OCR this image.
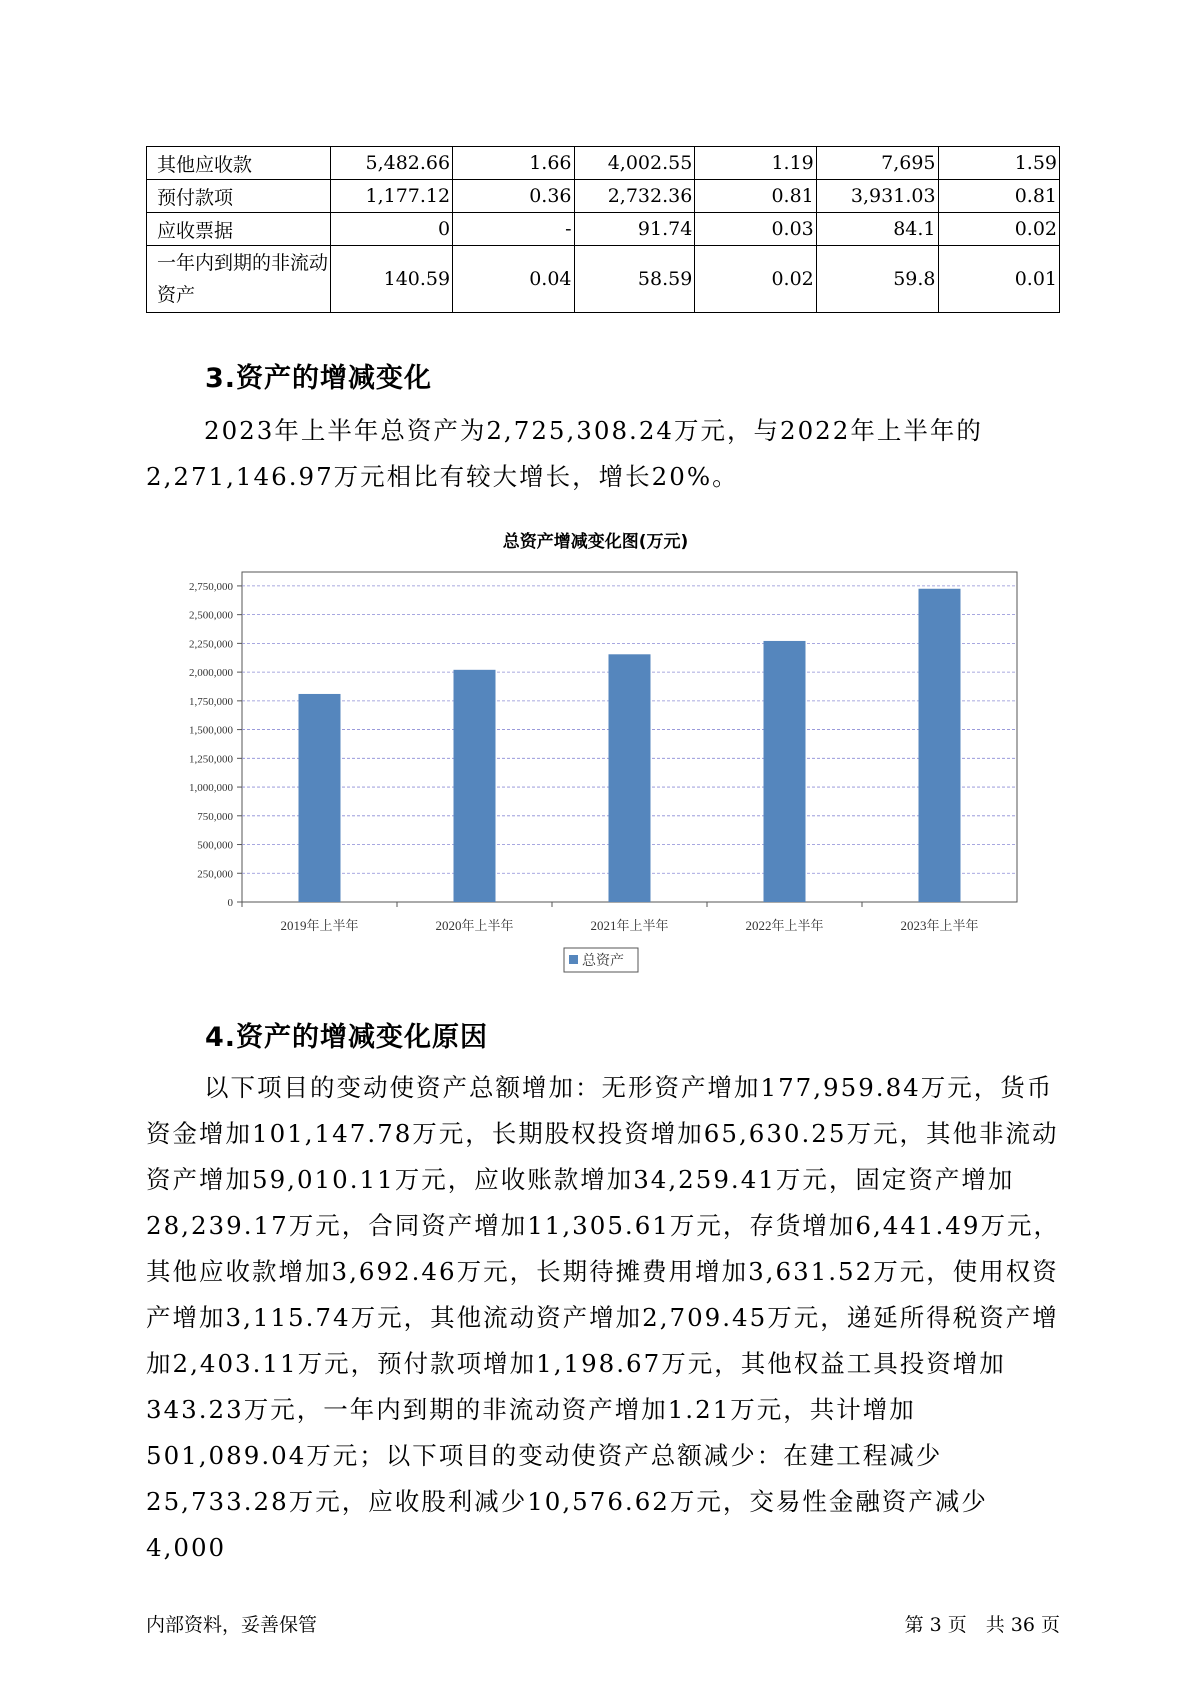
其他应收款	5,482.66	1.66	4,002.55	1.19	7,695	1.59
预付款项	1,177.12	0.36	2,732.36	0.81	3,931.03	0.81
应收票据	0	-	91.74	0.03	84.1	0.02
一年内到期的非流动资产	140.59	0.04	58.59	0.02	59.8	0.01
3.资产的增减变化

2023年上半年总资产为2,725,308.24万元，与2022年上半年的2,271,146.97万元相比有较大增长，增长20%。

总资产增减变化图(万元)
0
250,000
500,000
750,000
1,000,000
1,250,000
1,500,000
1,750,000
2,000,000
2,250,000
2,500,000
2,750,000
2019年上半年	2020年上半年	2021年上半年	2022年上半年	2023年上半年
总资产
4.资产的增减变化原因

以下项目的变动使资产总额增加：无形资产增加177,959.84万元，货币资金增加101,147.78万元，长期股权投资增加65,630.25万元，其他非流动资产增加59,010.11万元，应收账款增加34,259.41万元，固定资产增加28,239.17万元，合同资产增加11,305.61万元，存货增加6,441.49万元，其他应收款增加3,692.46万元，长期待摊费用增加3,631.52万元，使用权资产增加3,115.74万元，其他流动资产增加2,709.45万元，递延所得税资产增加2,403.11万元，预付款项增加1,198.67万元，其他权益工具投资增加343.23万元，一年内到期的非流动资产增加1.21万元，共计增加501,089.04万元；以下项目的变动使资产总额减少：在建工程减少25,733.28万元，应收股利减少10,576.62万元，交易性金融资产减少4,000

内部资料，妥善保管	第 3 页　共 36 页
